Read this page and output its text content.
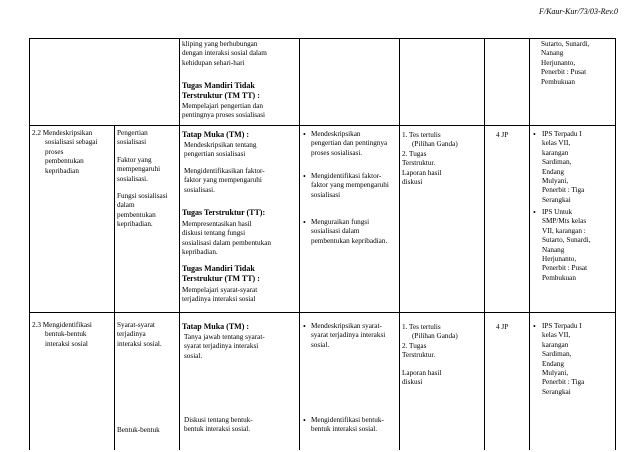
F/Kaur-Kur/73/03-Rev.0
kliping yang berhubungan
dengan interaksi sosial dalam
kehidupan sehari-hari
Tugas Mandiri Tidak
Terstruktur (TM TT) :
Mempelajari pengertian dan
pentingnya proses sosialisasi
Sutarto, Sunardi,
Nanang
Herjunanto,
Penerbit : Pusat
Pembukuan
2.2 Mendeskripsikan
sosialisasi sebagai
proses
pembentukan
kepribadian
Pengertian
sosialisasi
Faktor yang
mempengaruhi
sosialisasi.
Fungsi sosialisasi
dalam
pembentukan
kepribadian.
Tatap Muka (TM) :
Mendeskripsikan tentang
pengertian sosialisasi
Mengidentifikasikan faktor-
faktor yang mempengaruhi
sosialisasi.
Tugas Terstruktur (TT):
Mempresentasikan hasil
diskusi tentang fungsi
sosialisasi dalam pembentukan
kepribadian.
Tugas Mandiri Tidak
Terstruktur (TM TT) :
Mempelajari syarat-syarat
terjadinya interaksi sosial
• Mendeskripsikan
pengertian dan pentingnya
proses sosialisasi.
• Mengidentifikasi faktor-
faktor yang mempengaruhi
sosialisasi
• Menguraikan fungsi
sosialisasi dalam
pembentukan kepribadian.
1. Tes tertulis
(Pilihan Ganda)
2. Tugas
Terstruktur.
Laporan hasil
diskusi
4 JP	• IPS Terpadu I
kelas VII,
karangan
Sardiman,
Endang
Mulyani,
Penerbit : Tiga
Serangkai
• IPS Untuk
SMP/Mts kelas
VII, karangan :
Sutarto, Sunardi,
Nanang
Herjunanto,
Penerbit : Pusat
Pembukuan
2.3 Mengidentifikasi
bentuk-bentuk
interaksi sosial
Syarat-syarat
terjadinya
interaksi sosial.
Bentuk-bentuk
Tatap Muka (TM) :
Tanya jawab tentang syarat-
syarat terjadinya interaksi
sosial.
Diskusi tentang bentuk-
bentuk interaksi sosial.
• Mendeskripsikan syarat-
syarat terjadinya interaksi
sosial.
• Mengidentifikasi bentuk-
bentuk interaksi sosial.
1. Tes tertulis
(Pilihan Ganda)
2. Tugas
Terstruktur.
Laporan hasil
diskusi
4 JP	• IPS Terpadu I
kelas VII,
karangan
Sardiman,
Endang
Mulyani,
Penerbit : Tiga
Serangkai
